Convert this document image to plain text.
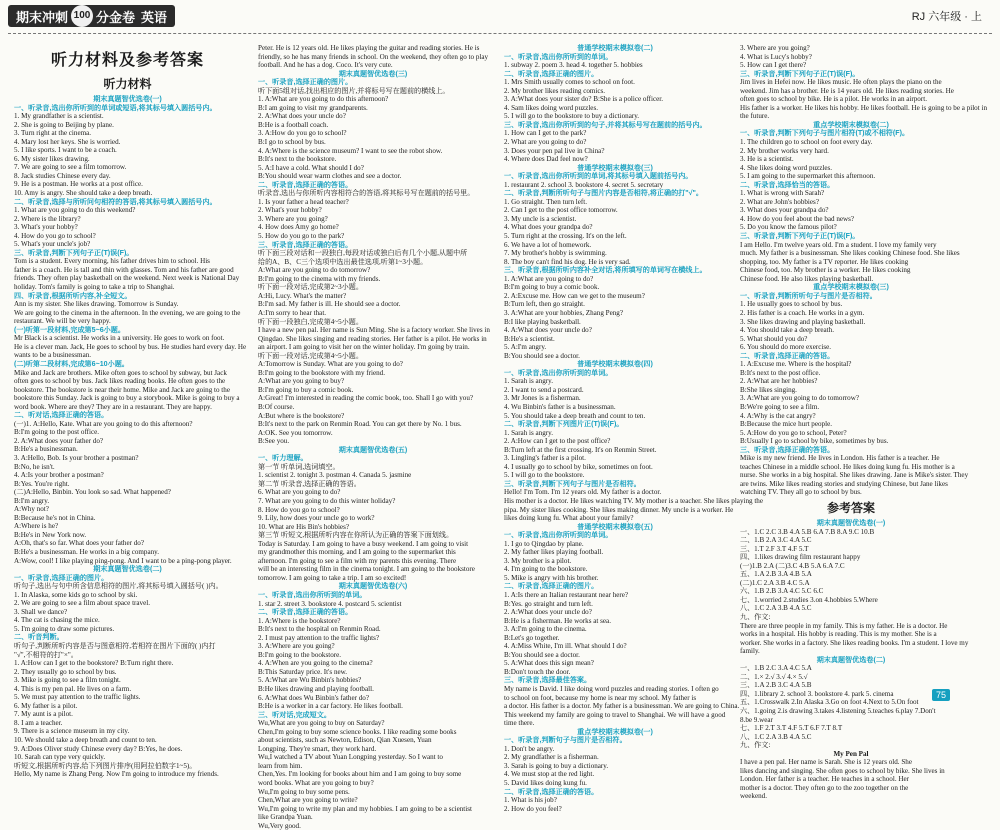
期末冲刺 100 分金卷 英语	RJ 六年级 · 上
听力材料及参考答案
听力材料
期末真题智优选卷(一)
一、听录音,选出你所听到的单词或短语,将其标号填入圆括号内。
1. My grandfather is a scientist.
2. She is going to Beijing by plane.
3. Turn right at the cinema.
4. Mary lost her keys. She is worried.
5. I like sports. I want to be a coach.
6. My sister likes drawing.
7. We are going to see a film tomorrow.
8. Jack studies Chinese every day.
9. He is a postman. He works at a post office.
10. Amy is angry. She should take a deep breath.
二、听录音,选择与所听问句相符的答语,将其标号填入圆括号内。
1. What are you going to do this weekend?
2. Where is the library?
3. What's your hobby?
4. How do you go to school?
5. What's your uncle's job?
三、听录音,判断下列句子正(T)误(F)。
Tom is a student. Every morning, his father drives him to school. His
father is a coach. He is tall and thin with glasses. Tom and his father are good
friends. They often play basketball on the weekend. Next week is National Day
holiday. Tom's family is going to take a trip to Shanghai.
四、听录音,根据所听内容,补全短文。
Ann is my sister. She likes drawing. Tomorrow is Sunday.
We are going to the cinema in the afternoon. In the evening, we are going to the
restaurant. We will be very happy.
(一)听第一段材料,完成第5~6小题。
Mr Black is a scientist. He works in a university. He goes to work on foot.
He is a clever man. Jack, He goes to school by bus. He studies hard every day. He
wants to be a businessman.
(二)听第二段材料,完成第6~10小题。
Mike and Jack are brothers. Mike often goes to school by subway, but Jack
often goes to school by bus. Jack likes reading books. He often goes to the
bookstore. The bookstore is near their home. Mike and Jack are going to the
bookstore this Sunday. Jack is going to buy a storybook. Mike is going to buy a
word book. Where are they? They are in a restaurant. They are happy.
二、听对话,选择正确的答语。
(一)1. A:Hello, Kate. What are you going to do this afternoon?
B:I'm going to the post office.
2. A:What does your father do?
B:He's a businessman.
3. A:Hello, Bob. Is your brother a postman?
B:No, he isn't.
4. A:Is your brother a postman?
B:Yes. You're right.
(二)A:Hello, Binbin. You look so sad. What happened?
B:I'm angry.
A:Why not?
B:Because he's not in China.
A:Where is he?
B:He's in New York now.
A:Oh, that's so far. What does your father do?
B:He's a businessman. He works in a big company.
A:Wow, cool! I like playing ping-pong. And I want to be a ping-pong player.
期末真题智优选卷(二)
一、听录音,选择正确的图片。
听句子,选出与句中所含信息相符的图片,将其标号填入圆括号( )内。
1. In Alaska, some kids go to school by ski.
2. We are going to see a film about space travel.
3. Shall we dance?
4. The cat is chasing the mice.
5. I'm going to draw some pictures.
二、听音判断。
听句子,判断所听内容是否与图意相符,若相符在图片下面的( )内打
"√",不相符的打"×"。
1. A:How can I get to the bookstore? B:Turn right there.
2. They usually go to school by bus.
3. Mike is going to see a film tonight.
4. This is my pen pal. He lives on a farm.
5. We must pay attention to the traffic lights.
6. My father is a pilot.
7. My aunt is a pilot.
8. I am a teacher.
9. There is a science museum in my city.
10. We should take a deep breath and count to ten.
9. A:Does Oliver study Chinese every day? B:Yes, he does.
10. Sarah can type very quickly.
听短文,根据所听内容,给下列图片排序(用阿拉伯数字1~5)。
Hello, My name is Zhang Peng. Now I'm going to introduce my friends.
Peter. He is 12 years old. He likes playing the guitar and reading stories. He is
friendly, so he has many friends in school. On the weekend, they often go to play
football. And he has a dog. Coco. It's very cute.
期末真题智优选卷(三)
一、听录音,选择正确的图片。
听下面5组对话,找出相应的图片,并将标号写在题前的横线上。
1. A:What are you going to do this afternoon?
B:I am going to visit my grandparents.
2. A:What does your uncle do?
B:He is a football coach.
3. A:How do you go to school?
B:I go to school by bus.
4. A:Where is the science museum? I want to see the robot show.
B:It's next to the bookstore.
5. A:I have a cold. What should I do?
B:You should wear warm clothes and see a doctor.
二、听录音,选择正确的答语。
听录音,选出与你所听内容相符合的答语,将其标号写在题前的括号里。
1. Is your father a head teacher?
2. What's your hobby?
3. Where are you going?
4. How does Amy go home?
5. How do you go to the park?
三、听录音,选择正确的答语。
听下面三段对话和一段独白,每段对话或独白后有几个小题,从题中所
给的A、B、C三个选项中选出最佳选项,听第1~3小题。
A:What are you going to do tomorrow?
B:I'm going to the cinema with my friends.
听下面一段对话,完成第2~3小题。
A:Hi, Lucy. What's the matter?
B:I'm sad. My father is ill. He should see a doctor.
A:I'm sorry to hear that.
听下面一段独白,完成第4~5小题。
I have a new pen pal. Her name is Sun Ming. She is a factory worker. She lives in
Qingdao. She likes singing and reading stories. Her father is a pilot. He works in
an airport. I am going to visit her on the winter holiday. I'm going by train.
听下面一段对话,完成第4~5小题。
A:Tomorrow is Sunday. What are you going to do?
B:I'm going to the bookstore with my friend.
A:What are you going to buy?
B:I'm going to buy a comic book.
A:Great! I'm interested in reading the comic book, too. Shall I go with you?
B:Of course.
A:But where is the bookstore?
B:It's next to the park on Renmin Road. You can get there by No. 1 bus.
A:OK. See you tomorrow.
B:See you.
期末真题智优选卷(五)
一、听力理解。
第一节 听单词,选词填空。
1. scientist 2. tonight 3. postman 4. Canada 5. jasmine
第二节 听录音,选择正确的答语。
6. What are you going to do?
7. What are you going to do this winter holiday?
8. How do you go to school?
9. Lily, how does your uncle go to work?
10. What are His Bin's hobbies?
第三节 听短文,根据所听内容在你所认为正确的答案下面划线。
Today is Saturday. I am going to have a busy weekend. I am going to visit
my grandmother this morning, and I am going to the supermarket this
afternoon. I'm going to see a film with my parents this evening. There
will be an interesting film in the cinema tonight. I am going to the bookstore
tomorrow. I am going to take a trip. I am so excited!
期末真题智优选卷(六)
一、听录音,选出你所听到的单词。
1. star 2. street 3. bookstore 4. postcard 5. scientist
二、听录音,选择正确的答语。
1. A:Where is the bookstore?
B:It's next to the hospital on Renmin Road.
2. I must pay attention to the traffic lights?
3. A:Where are you going?
B:I'm going to the bookstore.
4. A:When are you going to the cinema?
B:This Saturday price. It's new.
5. A:What are Wu Binbin's hobbies?
B:He likes drawing and playing football.
6. A:What does Wu Binbin's father do?
B:He is a worker in a car factory. He likes football.
三、听对话,完成短文。
Wu,What are you going to buy on Saturday?
Chen,I'm going to buy some science books. I like reading some books
about scientists, such as Newton, Edison, Qian Xuesen, Yuan
Longping. They're smart, they work hard.
Wu,I watched a TV about Yuan Longping yesterday. So I want to
learn from him.
Chen,Yes. I'm looking for books about him and I am going to buy some
word books. What are you going to buy?
Wu,I'm going to buy some pens.
Chen,What are you going to write?
Wu,I'm going to write my plan and my hobbies. I am going to be a scientist
like Grandpa Yuan.
Wu,Very good.
普通学校期末模拟卷(二)
一、听录音,选出你所听到的单词。
1. subway 2. poem 3. head 4. together 5. hobbies
二、听录音,选择正确的图片。
1. Mrs Smith usually comes to school on foot.
2. My brother likes reading comics.
3. A:What does your sister do? B:She is a police officer.
4. Sam likes doing word puzzles.
5. I will go to the bookstore to buy a dictionary.
三、听录音,选出你所听到的句子,并将其标号写在题前的括号内。
1. How can I get to the park?
2. What are you going to do?
3. Does your pen pal live in China?
4. Where does Dad feel now?
普通学校期末模拟卷(三)
一、听录音,选出你所听到的单词,将其标号填入题前括号内。
1. restaurant 2. school 3. bookstore 4. secret 5. secretary
二、听录音,判断所听句子与图片内容是否相符,将正确的打"√"。
1. Go straight. Then turn left.
2. Can I get to the post office tomorrow.
3. My uncle is a scientist.
4. What does your grandpa do?
5. Turn right at the crossing. It's on the left.
6. We have a lot of homework.
7. My brother's hobby is swimming.
8. The boy can't find his dog. He is very sad.
三、听录音,根据所听内容补全对话,将所填写的单词写在横线上。
1. A:What are you going to do?
B:I'm going to buy a comic book.
2. A:Excuse me. How can we get to the museum?
B:Turn left, then go straight.
3. A:What are your hobbies, Zhang Peng?
B:I like playing basketball.
4. A:What does your uncle do?
B:He's a scientist.
5. A:I'm angry.
B:You should see a doctor.
普通学校期末模拟卷(四)
一、听录音,选出你所听到的单词。
1. Sarah is angry.
2. I want to send a postcard.
3. Mr Jones is a fisherman.
4. Wu Binbin's father is a businessman.
5. You should take a deep breath and count to ten.
二、听录音,判断下列图片正(T)误(F)。
1. Sarah is angry.
2. A:How can I get to the post office?
B:Turn left at the first crossing. It's on Renmin Street.
3. Lingling's father is a pilot.
4. I usually go to school by bike, sometimes on foot.
5. I will go to the bookstore.
三、听录音,判断下列句子与图片是否相符。
Hello! I'm Tom. I'm 12 years old. My father is a doctor.
His mother is a doctor. He likes watching TV. My mother is a teacher. She likes playing the
pipa. My sister likes cooking. She likes making dinner. My uncle is a worker. He
likes doing kung fu. What about your family?
普通学校期末模拟卷(五)
一、听录音,选出你所听到的单词。
1. I go to Qingdao by plane.
2. My father likes playing football.
3. My brother is a pilot.
4. I'm going to the bookstore.
5. Mike is angry with his brother.
二、听录音,选择正确的图片。
1. A:Is there an Italian restaurant near here?
B:Yes. go straight and turn left.
2. A:What does your uncle do?
B:He is a fisherman. He works at sea.
3. A:I'm going to the cinema.
B:Let's go together.
4. A:Miss White, I'm ill. What should I do?
B:You should see a doctor.
5. A:What does this sign mean?
B:Don't touch the door.
三、听录音,选择最佳答案。
My name is David. I like doing word puzzles and reading stories. I often go
to school on foot, because my home is near my school. My father is
a doctor. His father is a doctor. My father is a businessman. We are going to China.
This weekend my family are going to travel to Shanghai. We will have a good
time there.
重点学校期末模拟卷(一)
一、听录音,判断句子与图片是否相符。
1. Don't be angry.
2. My grandfather is a fisherman.
3. Sarah is going to buy a dictionary.
4. We must stop at the red light.
5. David likes doing kung fu.
二、听录音,选择正确的答语。
1. What is his job?
2. How do you feel?
3. Where are you going?
4. What is Lucy's hobby?
5. How can I get there?
三、听录音,判断下列句子正(T)误(F)。
Jim lives in Hefei now. He likes music. He often plays the piano on the
weekend. Jim has a brother. He is 14 years old. He likes reading stories. He
often goes to school by bike. He is a pilot. He works in an airport.
His father is a worker. He likes his hobby. He likes football. He is going to be a pilot in
the future.
重点学校期末模拟卷(二)
一、听录音,判断下列句子与图片相符(T)或不相符(F)。
1. The children go to school on foot every day.
2. My brother works very hard.
3. He is a scientist.
4. She likes doing word puzzles.
5. I am going to the supermarket this afternoon.
二、听录音,选择恰当的答语。
1. What is wrong with Sarah?
2. What are John's hobbies?
3. What does your grandpa do?
4. How do you feel about the bad news?
5. Do you know the famous pilot?
三、听录音,判断下列句子正(T)误(F)。
I am Hello. I'm twelve years old. I'm a student. I love my family very
much. My father is a businessman. She likes cooking Chinese food. She likes
shopping, too. My father is a TV reporter. He likes cooking
Chinese food, too. My brother is a worker. He likes cooking
Chinese food. He also likes playing basketball.
重点学校期末模拟卷(三)
一、听录音,判断所听句子与图片是否相符。
1. He usually goes to school by bus.
2. His father is a coach. He works in a gym.
3. She likes drawing and playing basketball.
4. You should take a deep breath.
5. What should you do?
6. You should do more exercise.
二、听录音,选择正确的答语。
1. A:Excuse me. Where is the hospital?
B:It's next to the post office.
2. A:What are her hobbies?
B:She likes singing.
3. A:What are you going to do tomorrow?
B:We're going to see a film.
4. A:Why is the cat angry?
B:Because the mice hurt people.
5. A:How do you go to school, Peter?
B:Usually I go to school by bike, sometimes by bus.
三、听录音,选择正确的答语。
Mike is my new friend. He lives in London. His father is a teacher. He
teaches Chinese in a middle school. He likes doing kung fu. His mother is a
nurse. She works in a big hospital. She likes drawing. Jane is Mike's sister. They
are twins. Mike likes reading stories and studying Chinese, but Jane likes
watching TV. They all go to school by bus.
参考答案
期末真题智优选卷(一)
一、1.C 2.C 3.B 4.A 5.B 6.A 7.B 8.A 9.C 10.B
二、1.B 2.A 3.C 4.A 5.C
三、1.T 2.F 3.T 4.F 5.T
四、1.likes drawing film restaurant happy
(一)1.B 2.A (二)3.C 4.B 5.A 6.A 7.C
五、1.A 2.B 3.A 4.B 5.A
(二)1.C 2.A 3.B 4.C 5.A
六、1.B 2.B 3.A 4.C 5.C 6.C
七、1.worried 2.studies 3.on 4.hobbies 5.Where
八、1.C 2.A 3.B 4.A 5.C
九、作文:
There are three people in my family. This is my father. He is a doctor. He
works in a hospital. His hobby is reading. This is my mother. She is a
worker. She works in a factory. She likes reading books. I'm a student. I love my
family.
期末真题智优选卷(二)
一、1.B 2.C 3.A 4.C 5.A
二、1.× 2.√ 3.√ 4.× 5.√
三、1.A 2.B 3.C 4.A 5.B
四、1.library 2. school 3. bookstore 4. park 5. cinema
五、1.Crosswalk 2.In Alaska 3.Go on foot 4.Next to 5.On foot
六、1.going 2.is drawing 3.takes 4.listening 5.teaches 6.play 7.Don't
8.be 9.wear
七、1.F 2.T 3.T 4.F 5.T 6.F 7.T 8.T
八、1.C 2.A 3.B 4.A 5.C
九、作文:
My Pen Pal
I have a pen pal. Her name is Sarah. She is 12 years old. She
likes dancing and singing. She often goes to school by bike. She lives in
London. Her father is a teacher. He teaches in a school. Her
mother is a doctor. They often go to the zoo together on the
weekend.
75
